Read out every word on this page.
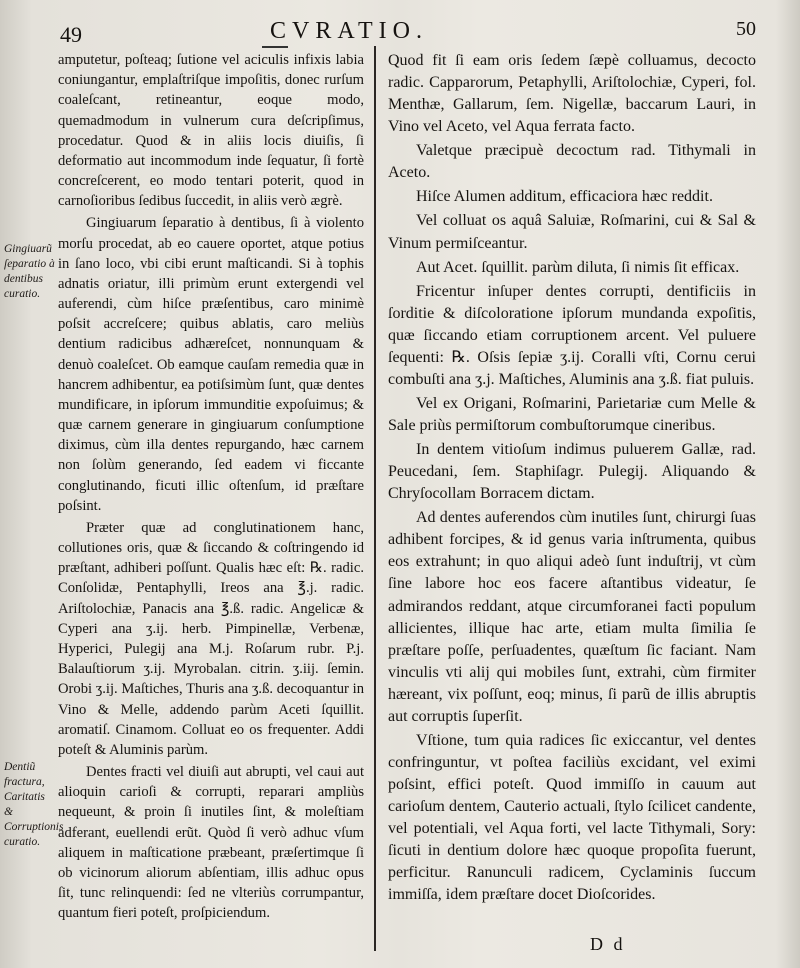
49	CVRATIO.	50
Gingiuarũ ſeparatio à dentibus curatio.
Dentiũ fractura, Caritatis & Corruptionis curatio.

amputetur, poſteaq; ſutione vel aciculis infixis labia coniungantur, emplaſtriſque impoſitis, donec rurſum coaleſcant, retineantur, eoque modo, quemadmodum in vulnerum cura deſcripſimus, procedatur. Quod & in aliis locis diuiſis, ſi deformatio aut incommodum inde ſequatur, ſi fortè concreſcerent, eo modo tentari poterit, quod in carnoſioribus ſedibus ſuccedit, in aliis verò ægrè.

Gingiuarum ſeparatio à dentibus, ſi à violento morſu procedat, ab eo cauere oportet, atque potius in ſano loco, vbi cibi erunt maſticandi. Si à tophis adnatis oriatur, illi primùm erunt extergendi vel auferendi, cùm hiſce præſentibus, caro minimè poſsit accreſcere; quibus ablatis, caro meliùs dentium radicibus adhæreſcet, nonnunquam & denuò coaleſcet. Ob eamque cauſam remedia quæ in hancrem adhibentur, ea potiſsimùm ſunt, quæ dentes mundificare, in ipſorum immunditie expoſuimus; & quæ carnem generare in gingiuarum conſumptione diximus, cùm illa dentes repurgando, hæc carnem non ſolùm generando, ſed eadem vi ficcante conglutinando, ficuti illic oſtenſum, id præſtare poſsint.

Præter quæ ad conglutinationem hanc, collutiones oris, quæ & ſiccando & coſtringendo id præſtant, adhiberi poſſunt. Qualis hæc eſt: ℞. radic. Conſolidæ, Pentaphylli, Ireos ana ℥.j. radic. Ariſtolochiæ, Panacis ana ℥.ß. radic. Angelicæ & Cyperi ana ʒ.ij. herb. Pimpinellæ, Verbenæ, Hyperici, Pulegij ana M.j. Roſarum rubr. P.j. Balauſtiorum ʒ.ij. Myrobalan. citrin. ʒ.iij. ſemin. Orobi ʒ.ij. Maſtiches, Thuris ana ʒ.ß. decoquantur in Vino & Melle, addendo parùm Aceti ſquillit. aromatiſ. Cinamom. Colluat eo os frequenter. Addi poteſt & Aluminis parùm.

Dentes fracti vel diuiſi aut abrupti, vel caui aut alioquin carioſi & corrupti, reparari ampliùs nequeunt, & proin ſi inutiles ſint, & moleſtiam adferant, euellendi erũt. Quòd ſi verò adhuc vſum aliquem in maſticatione præbeant, præſertimque ſi ob vicinorum aliorum abſentiam, illis adhuc opus ſit, tunc relinquendi: ſed ne vlteriùs corrumpantur, quantum fieri poteſt, proſpiciendum.

Quod fit ſi eam oris ſedem ſæpè colluamus, decocto radic. Capparorum, Petaphylli, Ariſtolochiæ, Cyperi, fol. Menthæ, Gallarum, ſem. Nigellæ, baccarum Lauri, in Vino vel Aceto, vel Aqua ferrata facto.

Valetque præcipuè decoctum rad. Tithymali in Aceto.

Hiſce Alumen additum, efficaciora hæc reddit.

Vel colluat os aquâ Saluiæ, Roſmarini, cui & Sal & Vinum permiſceantur.

Aut Acet. ſquillit. parùm diluta, ſi nimis ſit efficax.

Fricentur inſuper dentes corrupti, dentificiis in ſorditie & diſcoloratione ipſorum mundanda expoſitis, quæ ſiccando etiam corruptionem arcent. Vel puluere ſequenti: ℞. Oſsis ſepiæ ʒ.ij. Coralli vſti, Cornu cerui combuſti ana ʒ.j. Maſtiches, Aluminis ana ʒ.ß. fiat puluis.

Vel ex Origani, Roſmarini, Parietariæ cum Melle & Sale priùs permiſtorum combuſtorumque cineribus.

In dentem vitioſum indimus puluerem Gallæ, rad. Peucedani, ſem. Staphiſagr. Pulegij. Aliquando & Chryſocollam Borracem dictam.

Ad dentes auferendos cùm inutiles ſunt, chirurgi ſuas adhibent forcipes, & id genus varia inſtrumenta, quibus eos extrahunt; in quo aliqui adeò ſunt induſtrij, vt cùm ſine labore hoc eos facere aſtantibus videatur, ſe admirandos reddant, atque circumforanei facti populum allicientes, illique hac arte, etiam multa ſimilia ſe præſtare poſſe, perſuadentes, quæſtum ſic faciant. Nam vinculis vti alij qui mobiles ſunt, extrahi, cùm firmiter hæreant, vix poſſunt, eoq; minus, ſi parũ de illis abruptis aut corruptis ſuperſit.

Vſtione, tum quia radices ſic exiccantur, vel dentes confringuntur, vt poſtea faciliùs excidant, vel eximi poſsint, effici poteſt. Quod immiſſo in cauum aut carioſum dentem, Cauterio actuali, ſtylo ſcilicet candente, vel potentiali, vel Aqua forti, vel lacte Tithymali, Sory: ſicuti in dentium dolore hæc quoque propoſita fuerunt, perficitur. Ranunculi radicem, Cyclaminis ſuccum immiſſa, idem præſtare docet Dioſcorides.

D d
